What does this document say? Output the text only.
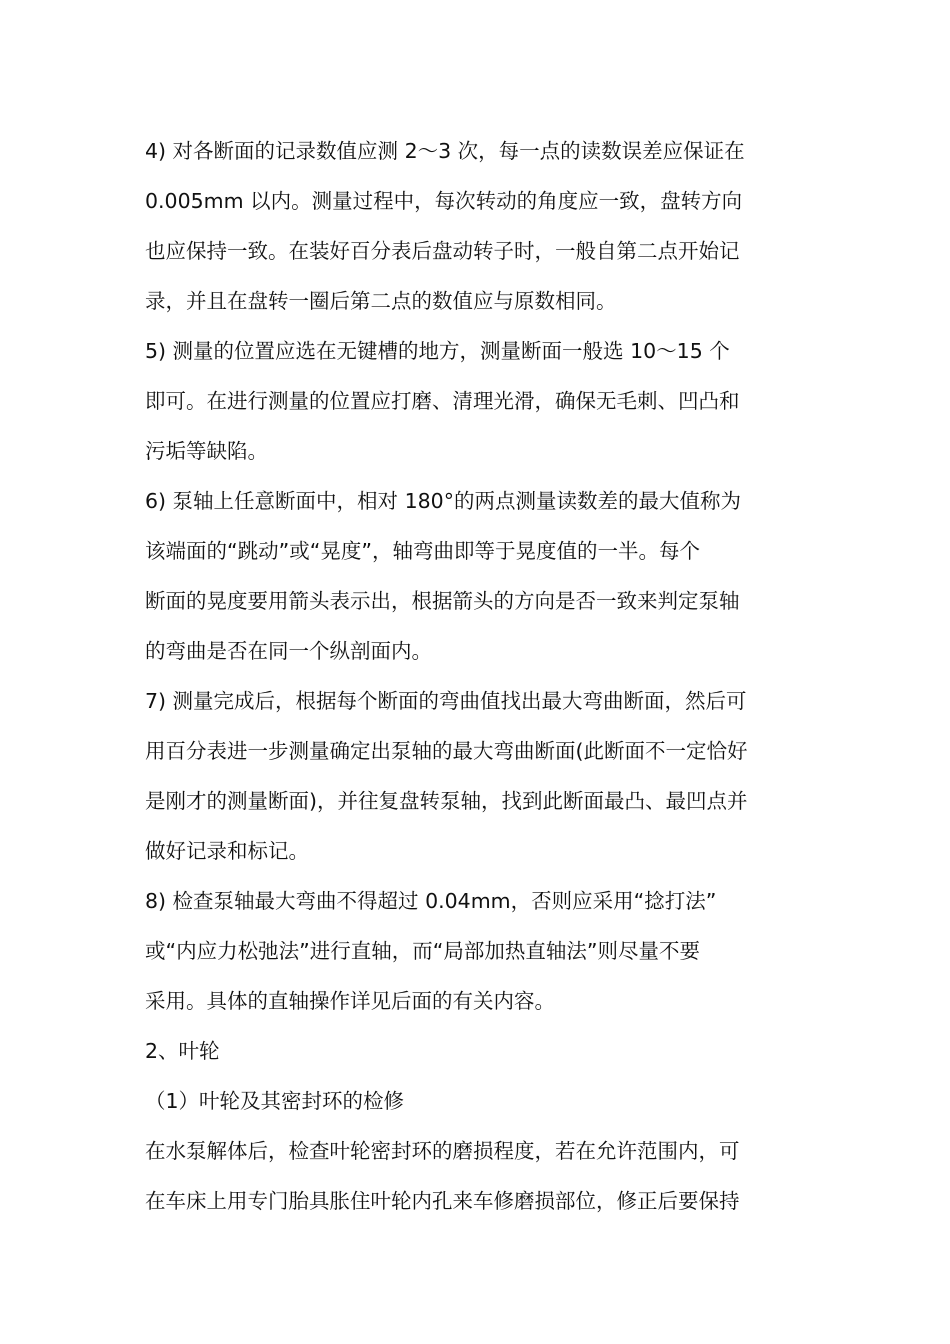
4) 对各断面的记录数值应测 2～3 次，每一点的读数误差应保证在
0.005mm 以内。测量过程中，每次转动的角度应一致，盘转方向
也应保持一致。在装好百分表后盘动转子时，一般自第二点开始记
录，并且在盘转一圈后第二点的数值应与原数相同。
5) 测量的位置应选在无键槽的地方，测量断面一般选 10～15 个
即可。在进行测量的位置应打磨、清理光滑，确保无毛刺、凹凸和
污垢等缺陷。
6) 泵轴上任意断面中，相对 180°的两点测量读数差的最大值称为
该端面的“跳动”或“晃度”，轴弯曲即等于晃度值的一半。每个
断面的晃度要用箭头表示出，根据箭头的方向是否一致来判定泵轴
的弯曲是否在同一个纵剖面内。
7) 测量完成后，根据每个断面的弯曲值找出最大弯曲断面，然后可
用百分表进一步测量确定出泵轴的最大弯曲断面(此断面不一定恰好
是刚才的测量断面)，并往复盘转泵轴，找到此断面最凸、最凹点并
做好记录和标记。
8) 检查泵轴最大弯曲不得超过 0.04mm，否则应采用“捻打法”
或“内应力松弛法”进行直轴，而“局部加热直轴法”则尽量不要
采用。具体的直轴操作详见后面的有关内容。
2、叶轮
（1）叶轮及其密封环的检修
在水泵解体后，检查叶轮密封环的磨损程度，若在允许范围内，可
在车床上用专门胎具胀住叶轮内孔来车修磨损部位，修正后要保持
